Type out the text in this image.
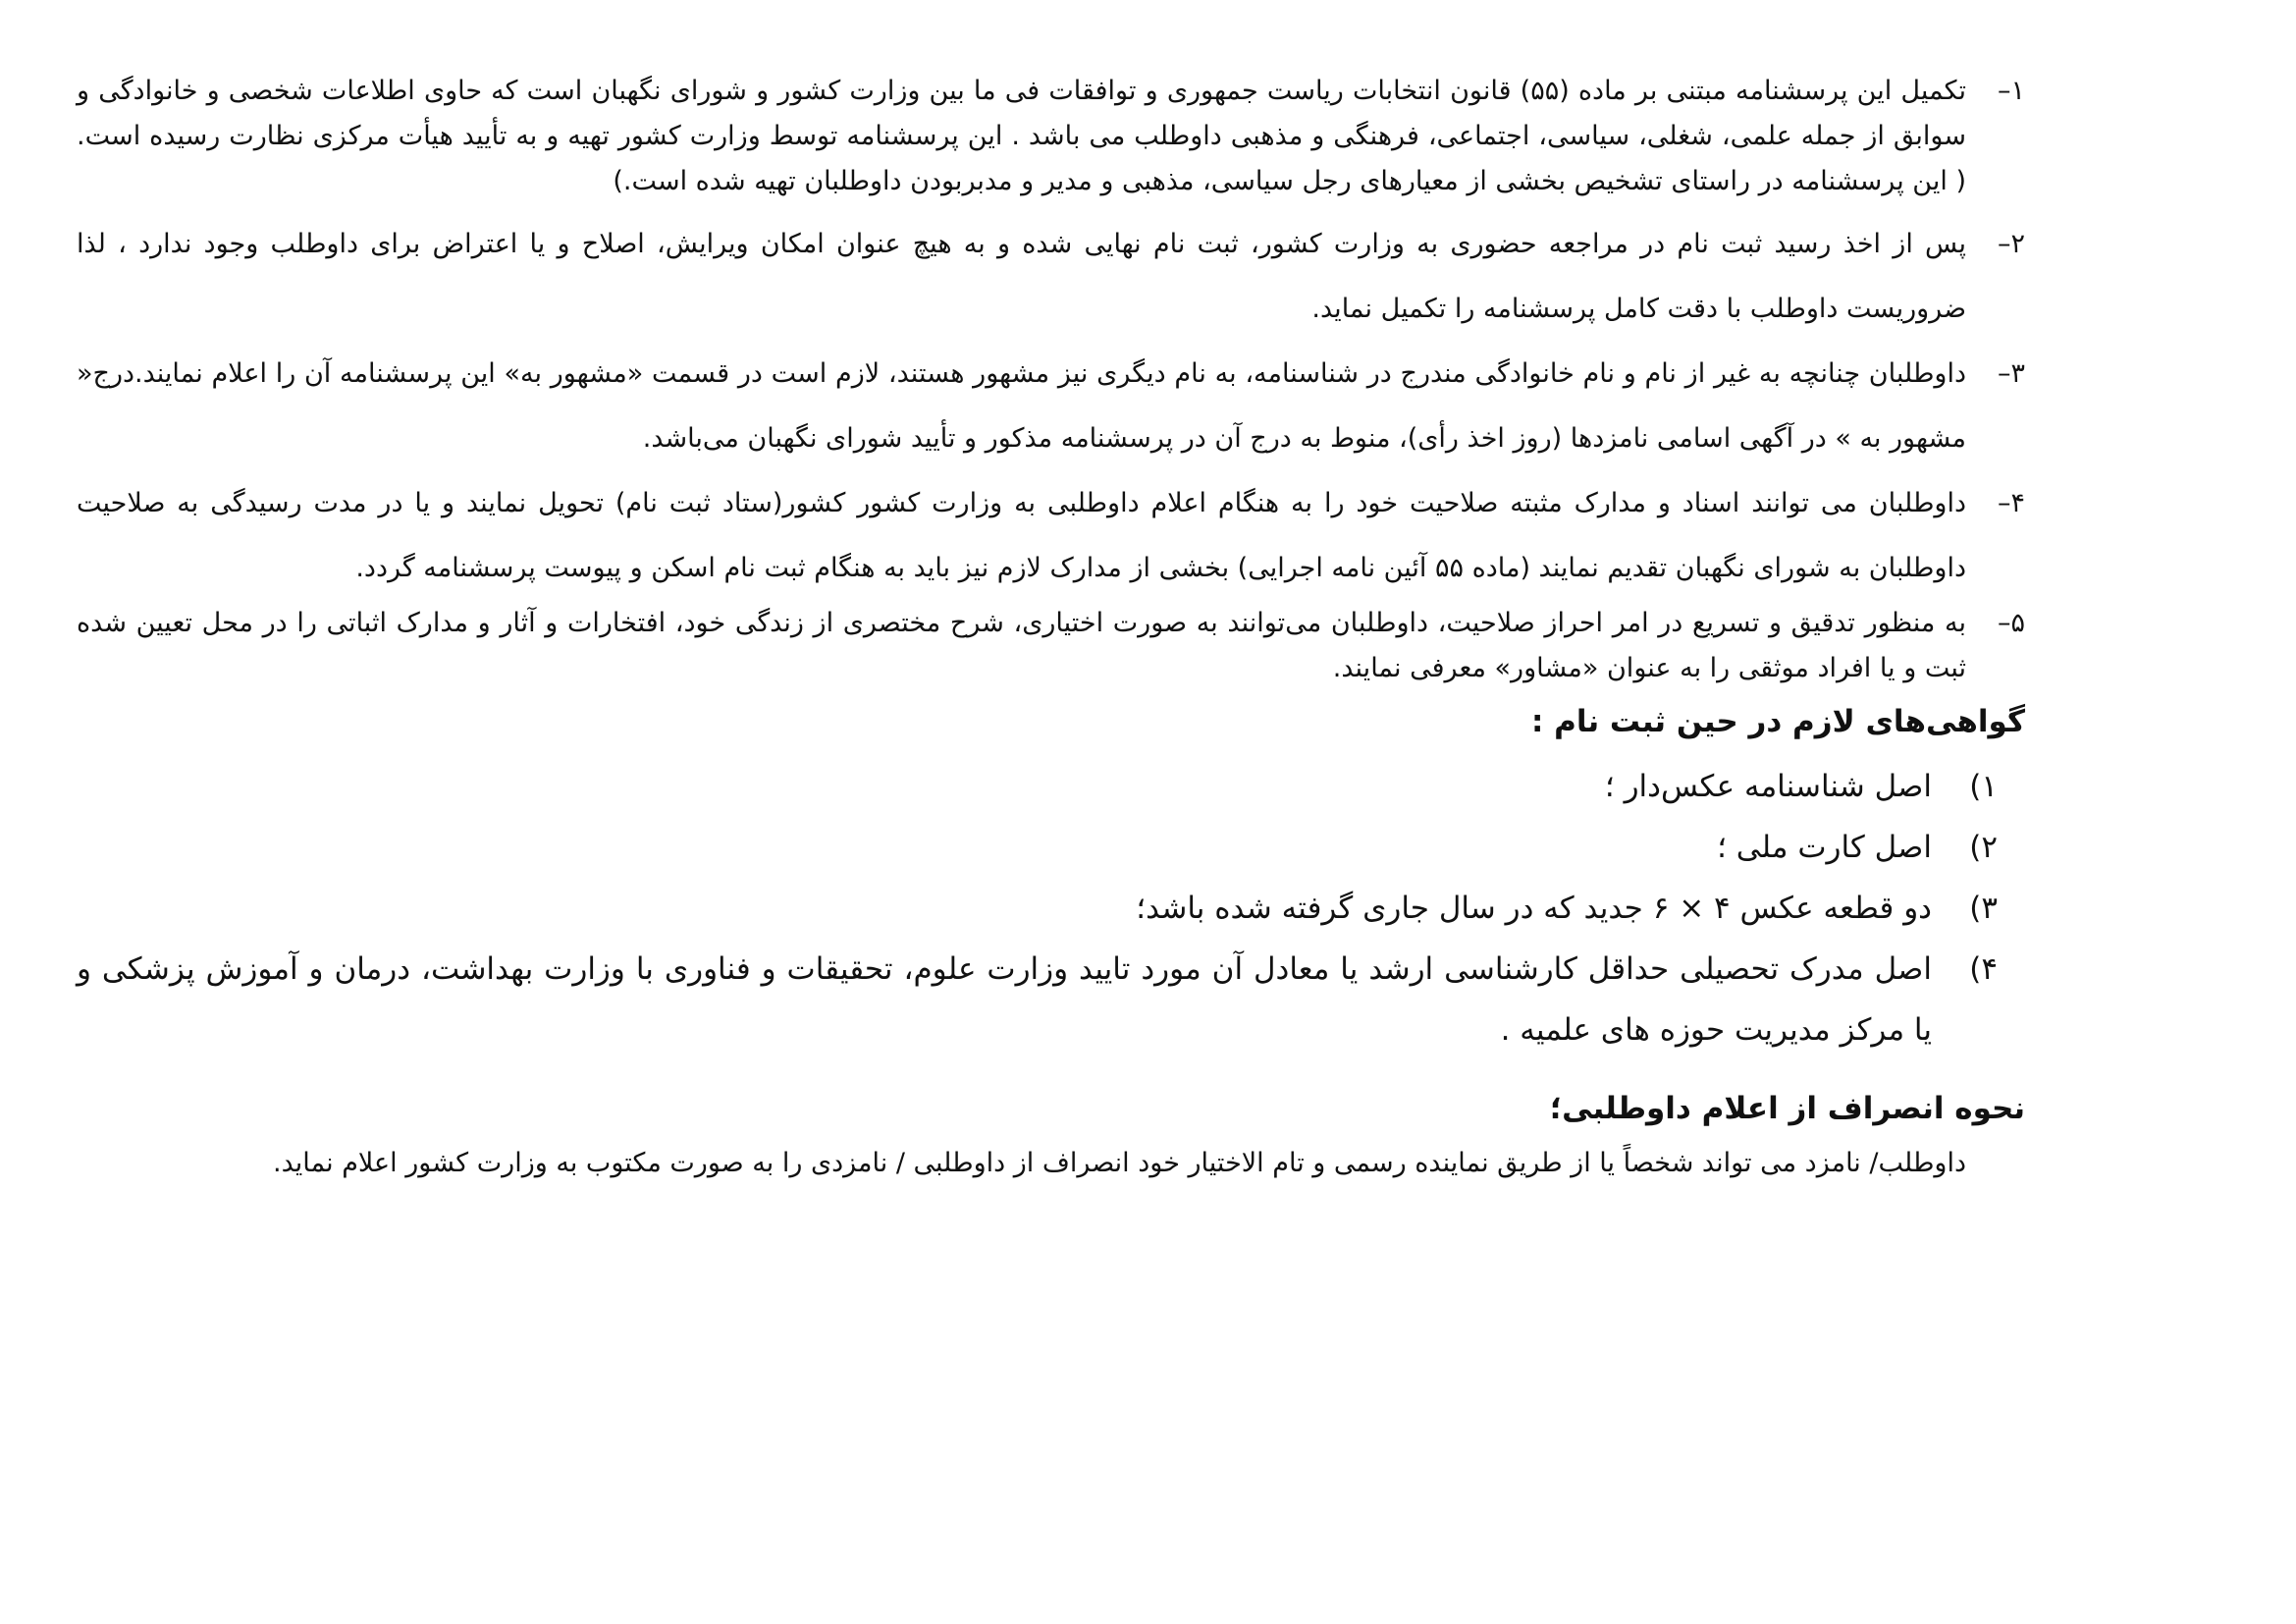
۱–
تکمیل این پرسشنامه مبتنی بر ماده (۵۵) قانون انتخابات ریاست جمهوری و توافقات فی ما بین وزارت کشور و شورای نگهبان است که حاوی اطلاعات شخصی و خانوادگی و سوابق از جمله علمی، شغلی، سیاسی، اجتماعی، فرهنگی و مذهبی داوطلب می باشد . این پرسشنامه توسط وزارت کشور تهیه و به تأیید هیأت مرکزی نظارت رسیده است. ( این پرسشنامه در راستای تشخیص بخشی از معیارهای رجل سیاسی، مذهبی و مدیر و مدبربودن داوطلبان تهیه شده است.)
۲–
پس از اخذ رسید ثبت نام در مراجعه حضوری به وزارت کشور، ثبت نام نهایی شده و به هیچ عنوان امکان ویرایش، اصلاح و یا اعتراض برای داوطلب وجود ندارد ، لذا ضروریست داوطلب با دقت کامل پرسشنامه را تکمیل نماید.
۳–
داوطلبان چنانچه به غیر از نام و نام خانوادگی مندرج در شناسنامه، به نام دیگری نیز مشهور هستند، لازم است در قسمت «مشهور به» این پرسشنامه آن را اعلام نمایند.درج« مشهور به » در آگهی اسامی نامزدها (روز اخذ رأی)، منوط به درج آن در پرسشنامه مذکور و تأیید شورای نگهبان می‌باشد.
۴–
داوطلبان می توانند اسناد و مدارک مثبته صلاحیت خود را به هنگام اعلام داوطلبی به وزارت کشور کشور(ستاد ثبت نام) تحویل نمایند و یا در مدت رسیدگی به صلاحیت داوطلبان به شورای نگهبان تقدیم نمایند (ماده ۵۵ آئین نامه اجرایی) بخشی از مدارک لازم نیز باید به هنگام ثبت نام اسکن و پیوست پرسشنامه گردد.
۵–
به منظور تدقیق و تسریع در امر احراز صلاحیت، داوطلبان می‌توانند به صورت اختیاری، شرح مختصری از زندگی خود، افتخارات و آثار و مدارک اثباتی را در محل تعیین شده ثبت و یا افراد موثقی را به عنوان «مشاور» معرفی نمایند.
گواهی‌های لازم در حین ثبت نام :
۱)
اصل شناسنامه عکس‌دار ؛
۲)
اصل کارت ملی ؛
۳)
دو قطعه عکس ۴ × ۶ جدید که در سال جاری گرفته شده باشد؛
۴)
اصل مدرک تحصیلی حداقل کارشناسی ارشد یا معادل آن مورد تایید وزارت علوم، تحقیقات و فناوری با وزارت بهداشت، درمان و آموزش پزشکی و یا مرکز مدیریت حوزه های علمیه .
نحوه انصراف از اعلام داوطلبی؛

داوطلب/ نامزد می تواند شخصاً یا از طریق نماینده رسمی و تام الاختیار خود انصراف از داوطلبی / نامزدی را به صورت مکتوب به وزارت کشور اعلام نماید.
